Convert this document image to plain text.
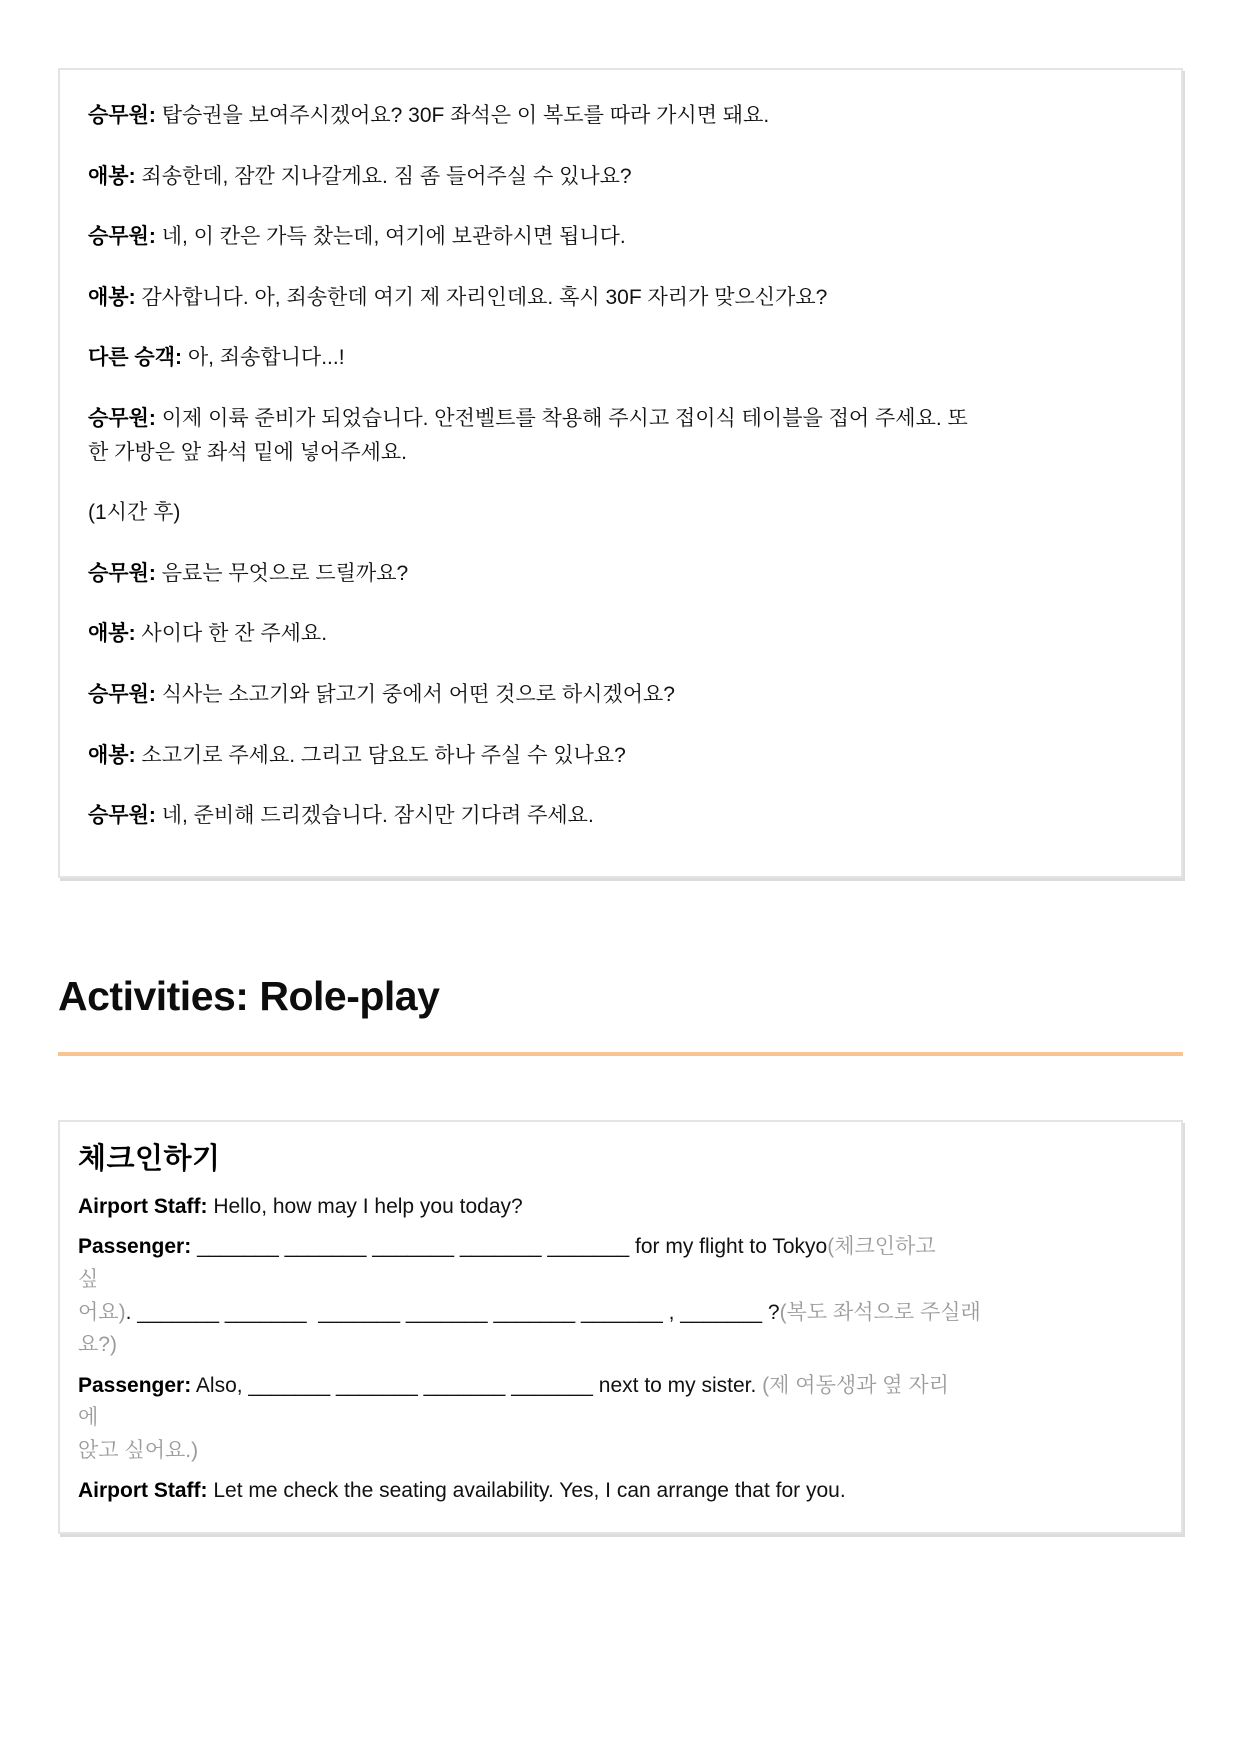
승무원: 탑승권을 보여주시겠어요? 30F 좌석은 이 복도를 따라 가시면 돼요.

애봉: 죄송한데, 잠깐 지나갈게요. 짐 좀 들어주실 수 있나요?

승무원: 네, 이 칸은 가득 찼는데, 여기에 보관하시면 됩니다.

애봉: 감사합니다. 아, 죄송한데 여기 제 자리인데요. 혹시 30F 자리가 맞으신가요?

다른 승객: 아, 죄송합니다...!

승무원: 이제 이륙 준비가 되었습니다. 안전벨트를 착용해 주시고 접이식 테이블을 접어 주세요. 또
한 가방은 앞 좌석 밑에 넣어주세요.

(1시간 후)

승무원: 음료는 무엇으로 드릴까요?

애봉: 사이다 한 잔 주세요.

승무원: 식사는 소고기와 닭고기 중에서 어떤 것으로 하시겠어요?

애봉: 소고기로 주세요. 그리고 담요도 하나 주실 수 있나요?

승무원: 네, 준비해 드리겠습니다. 잠시만 기다려 주세요.

Activities: Role-play
체크인하기

Airport Staff: Hello, how may I help you today?

Passenger: _______ _______ _______ _______ _______ for my flight to Tokyo(체크인하고
싶
어요). _______ _______  _______ _______ _______ _______ , _______ ?(복도 좌석으로 주실래
요?)

Passenger: Also, _______ _______ _______ _______ next to my sister. (제 여동생과 옆 자리
에
앉고 싶어요.)

Airport Staff: Let me check the seating availability. Yes, I can arrange that for you.
